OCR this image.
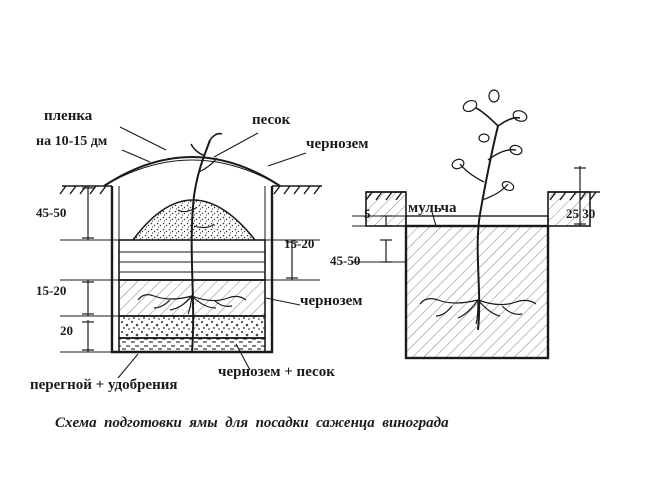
пленка
на 10-15 дм
песок
чернозем
чернозем
чернозем + песок
перегной + удобрения
45-50
15-20
15-20
20
мульча
5
45-50
25 30
Схема  подготовки  ямы  для  посадки  саженца  винограда
